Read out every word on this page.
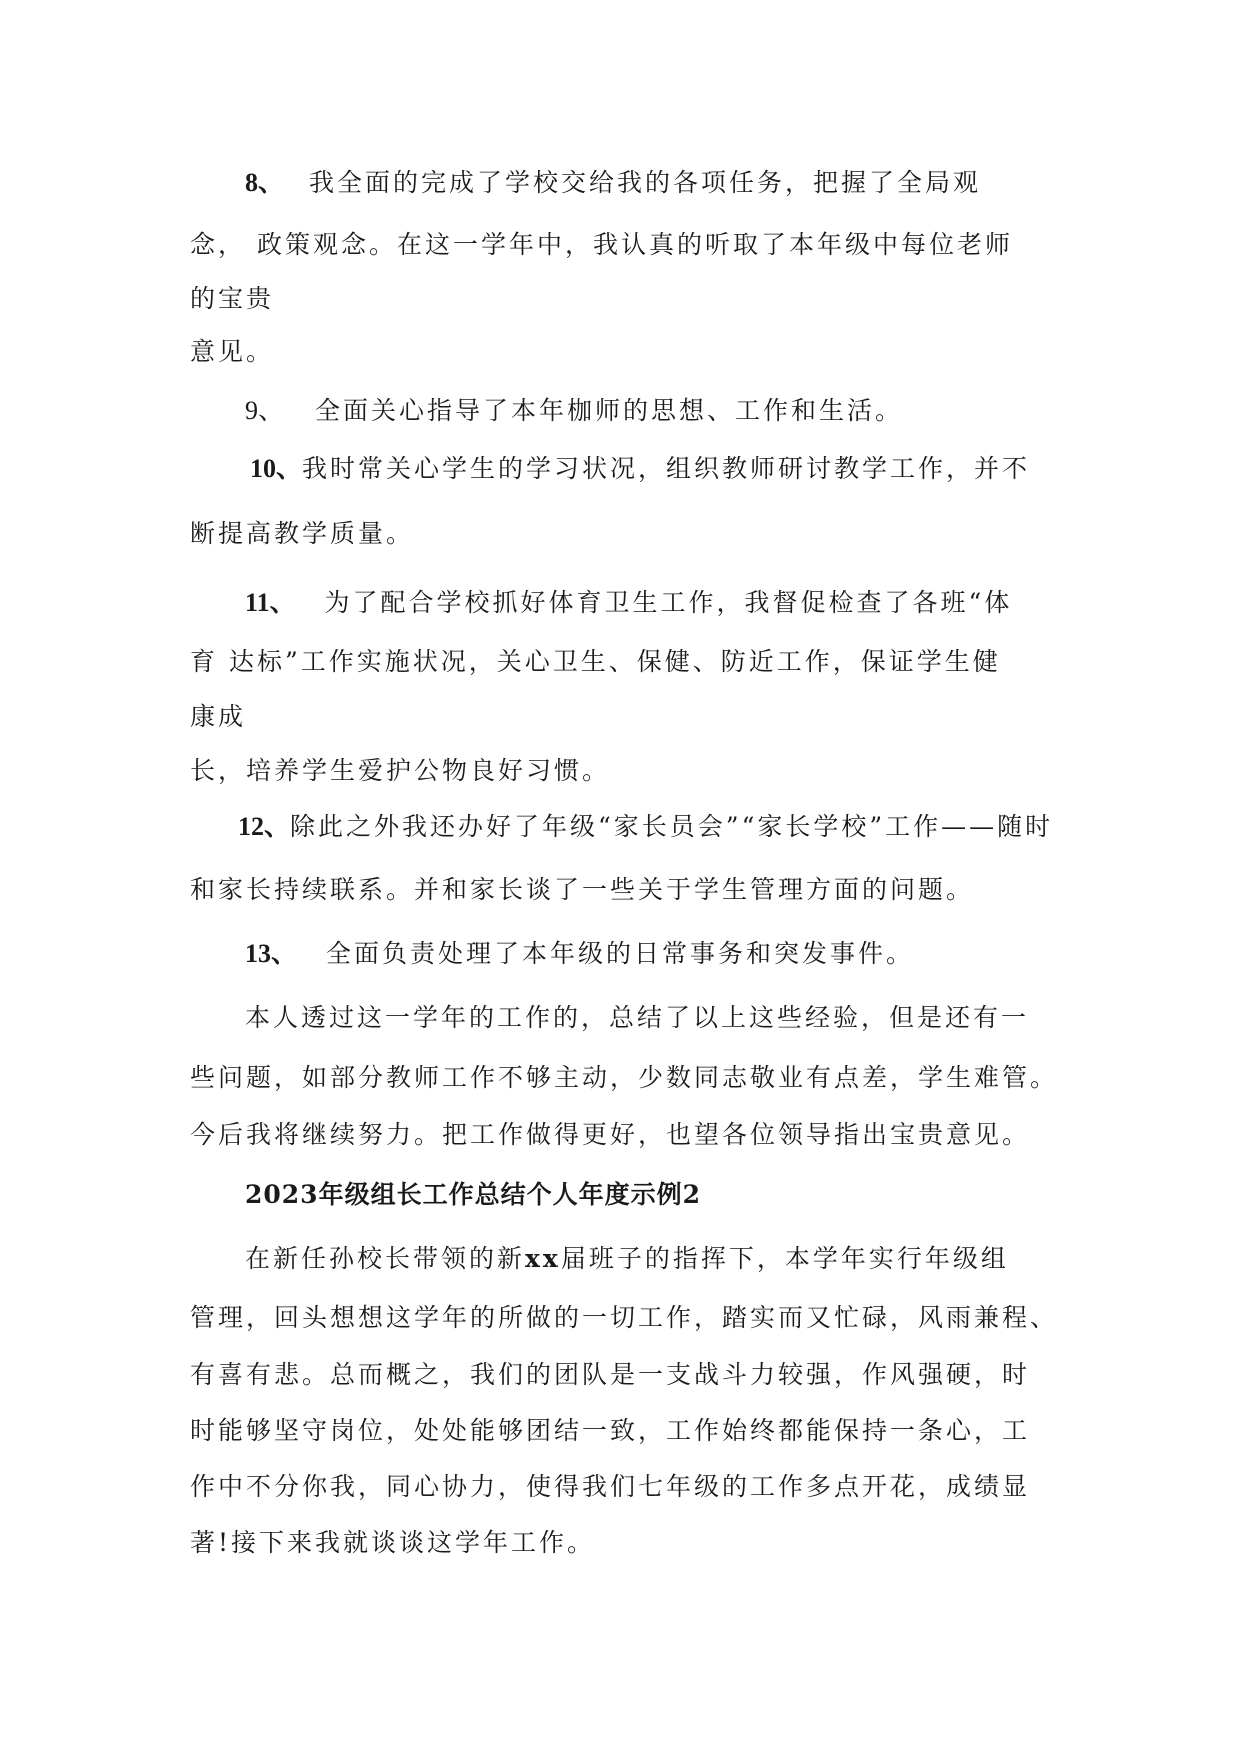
8、 我全面的完成了学校交给我的各项任务，把握了全局观
念， 政策观念。在这一学年中，我认真的听取了本年级中每位老师
的宝贵
意见。
9、 全面关心指导了本年枷师的思想、工作和生活。
10、我时常关心学生的学习状况，组织教师研讨教学工作，并不
断提高教学质量。
11、 为了配合学校抓好体育卫生工作，我督促检查了各班“体
育 达标”工作实施状况，关心卫生、保健、防近工作，保证学生健
康成
长，培养学生爱护公物良好习惯。
12、除此之外我还办好了年级“家长员会”“家长学校”工作——随时
和家长持续联系。并和家长谈了一些关于学生管理方面的问题。
13、 全面负责处理了本年级的日常事务和突发事件。
本人透过这一学年的工作的，总结了以上这些经验，但是还有一
些问题，如部分教师工作不够主动，少数同志敬业有点差，学生难管。
今后我将继续努力。把工作做得更好，也望各位领导指出宝贵意见。
2023年级组长工作总结个人年度示例2
在新任孙校长带领的新xx届班子的指挥下，本学年实行年级组
管理，回头想想这学年的所做的一切工作，踏实而又忙碌，风雨兼程、
有喜有悲。总而概之，我们的团队是一支战斗力较强，作风强硬，时
时能够坚守岗位，处处能够团结一致，工作始终都能保持一条心，工
作中不分你我，同心协力，使得我们七年级的工作多点开花，成绩显
著!接下来我就谈谈这学年工作。
